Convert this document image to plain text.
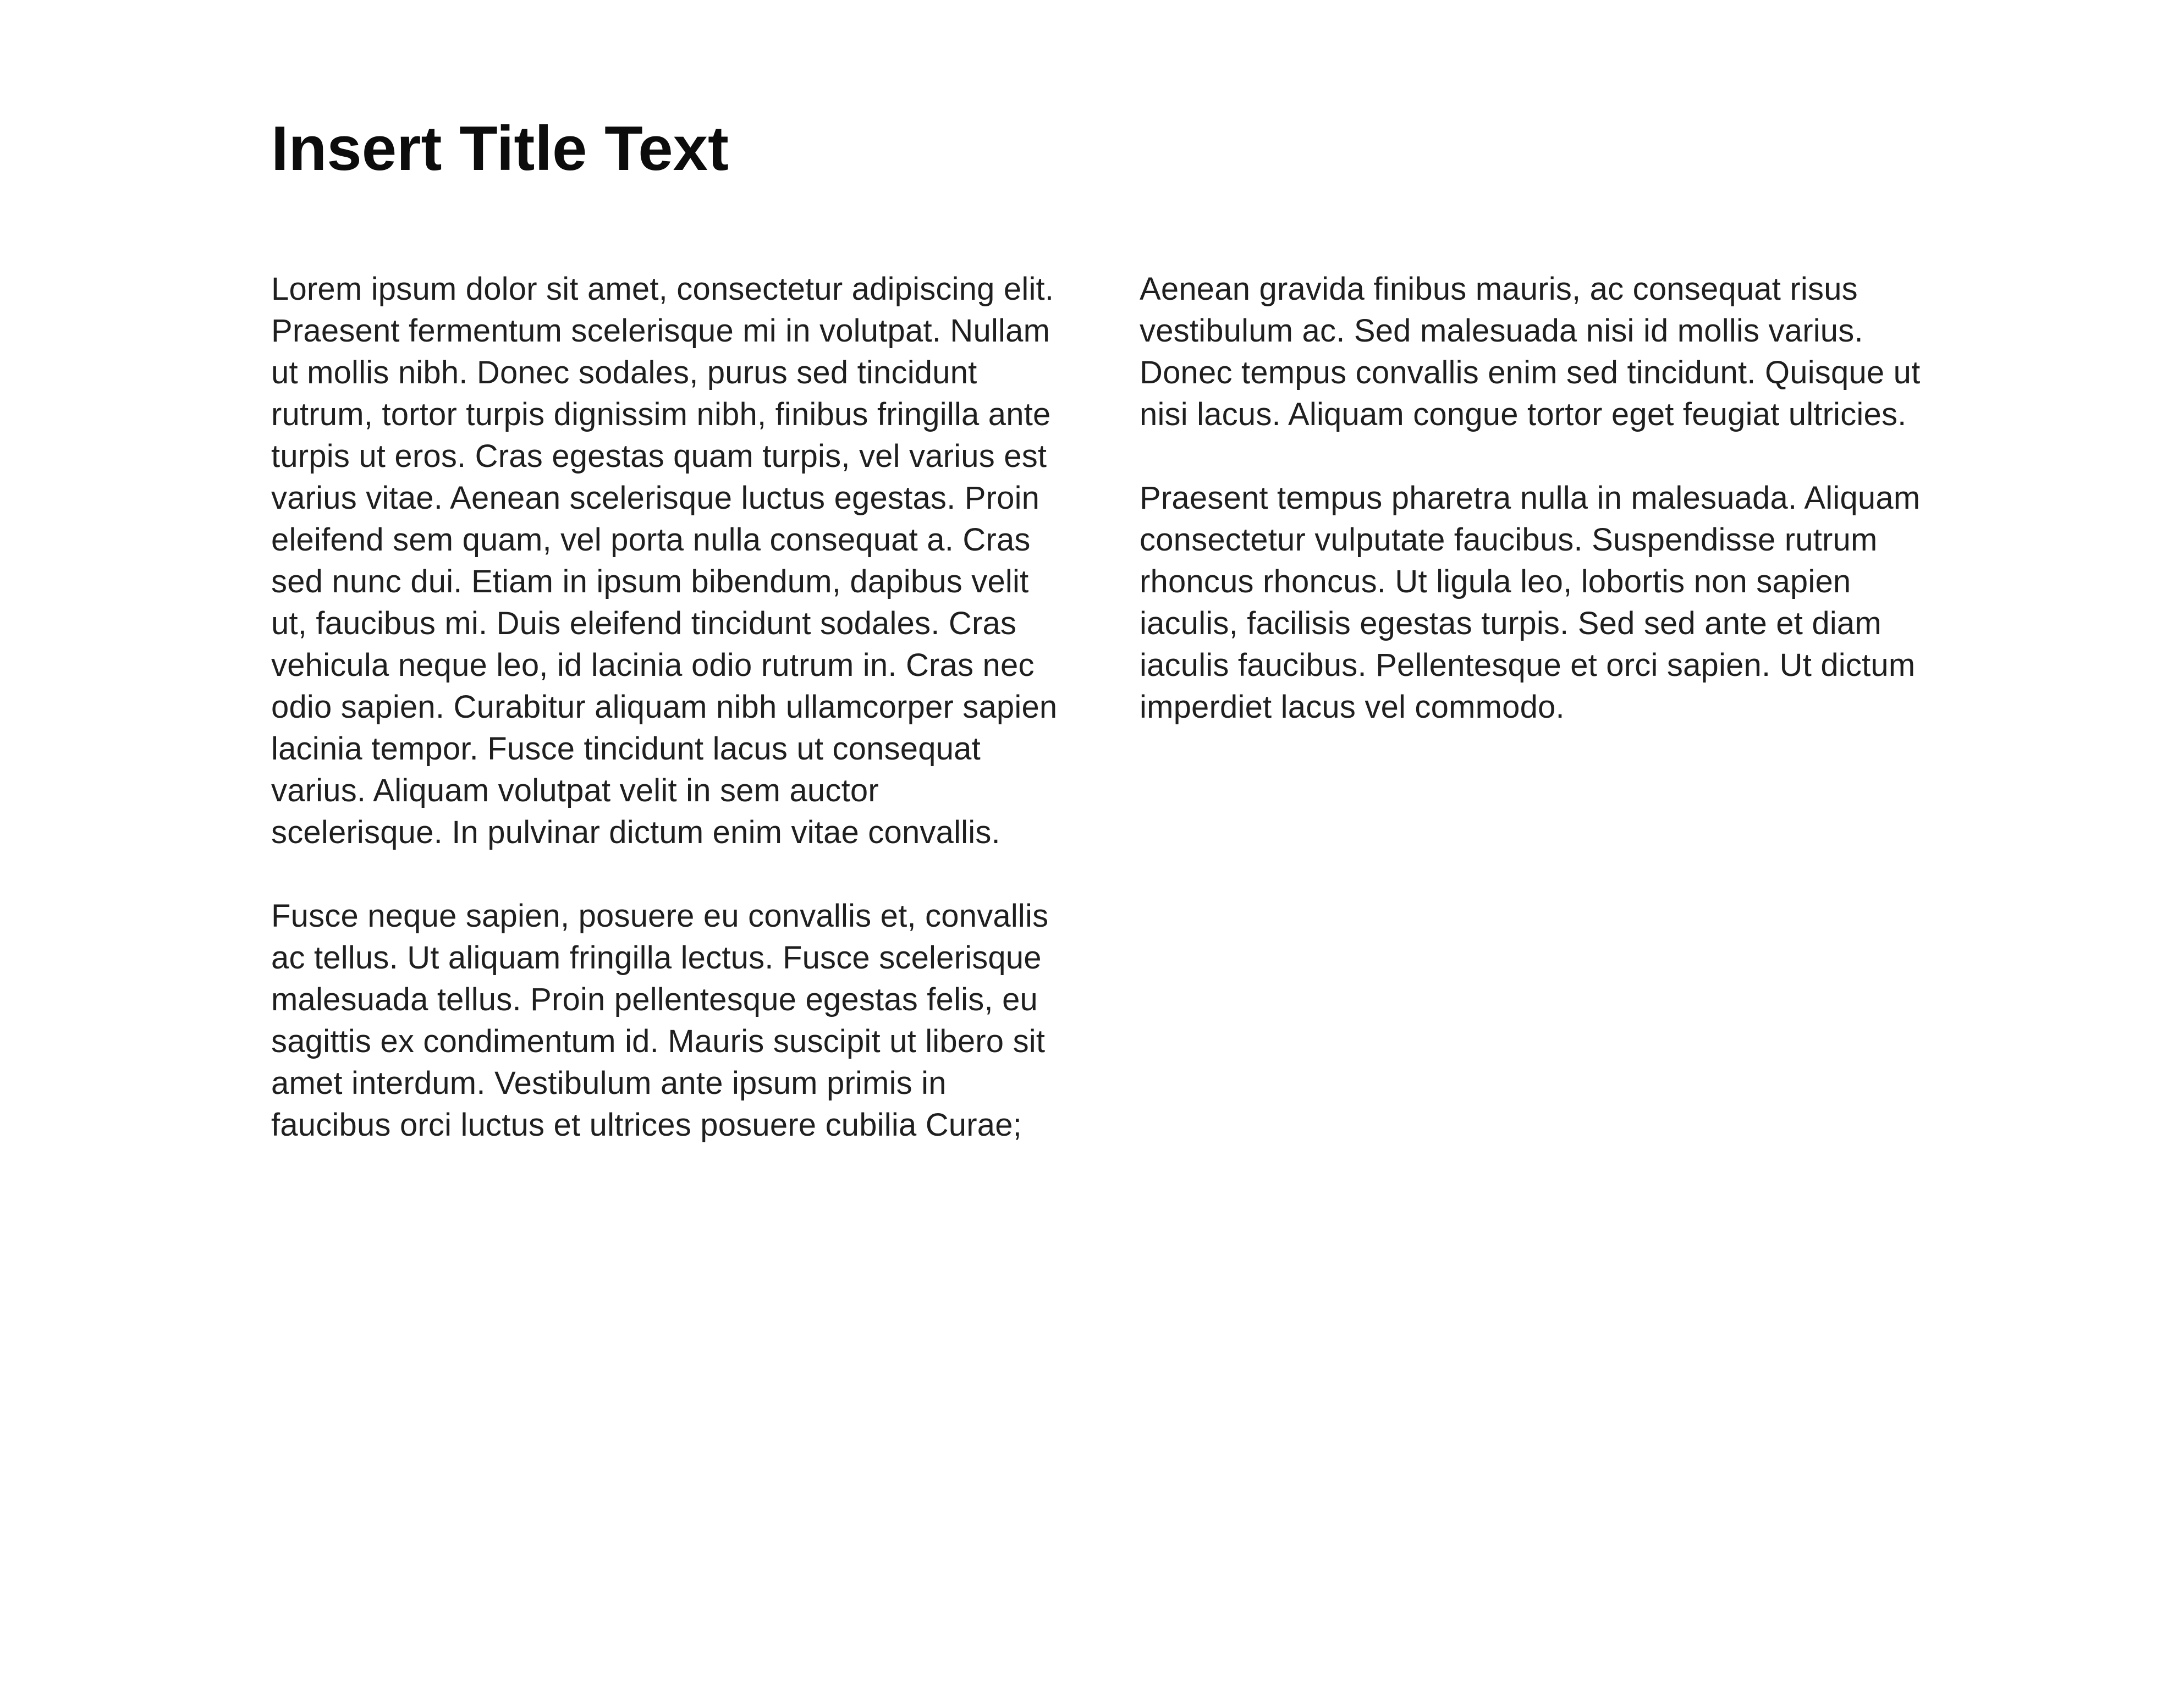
Insert Title Text

Lorem ipsum dolor sit amet, consectetur adipiscing elit. Praesent fermentum scelerisque mi in volutpat. Nullam ut mollis nibh. Donec sodales, purus sed tincidunt rutrum, tortor turpis dignissim nibh, finibus fringilla ante turpis ut eros. Cras egestas quam turpis, vel varius est varius vitae. Aenean scelerisque luctus egestas. Proin eleifend sem quam, vel porta nulla consequat a. Cras sed nunc dui. Etiam in ipsum bibendum, dapibus velit ut, faucibus mi. Duis eleifend tincidunt sodales. Cras vehicula neque leo, id lacinia odio rutrum in. Cras nec odio sapien. Curabitur aliquam nibh ullamcorper sapien lacinia tempor. Fusce tincidunt lacus ut consequat varius. Aliquam volutpat velit in sem auctor scelerisque. In pulvinar dictum enim vitae convallis.

Fusce neque sapien, posuere eu convallis et, convallis ac tellus. Ut aliquam fringilla lectus. Fusce scelerisque malesuada tellus. Proin pellentesque egestas felis, eu sagittis ex condimentum id. Mauris suscipit ut libero sit amet interdum. Vestibulum ante ipsum primis in faucibus orci luctus et ultrices posuere cubilia Curae;

Aenean gravida finibus mauris, ac consequat risus vestibulum ac. Sed malesuada nisi id mollis varius. Donec tempus convallis enim sed tincidunt. Quisque ut nisi lacus. Aliquam congue tortor eget feugiat ultricies.

Praesent tempus pharetra nulla in malesuada. Aliquam consectetur vulputate faucibus. Suspendisse rutrum rhoncus rhoncus. Ut ligula leo, lobortis non sapien iaculis, facilisis egestas turpis. Sed sed ante et diam iaculis faucibus. Pellentesque et orci sapien. Ut dictum imperdiet lacus vel commodo.
